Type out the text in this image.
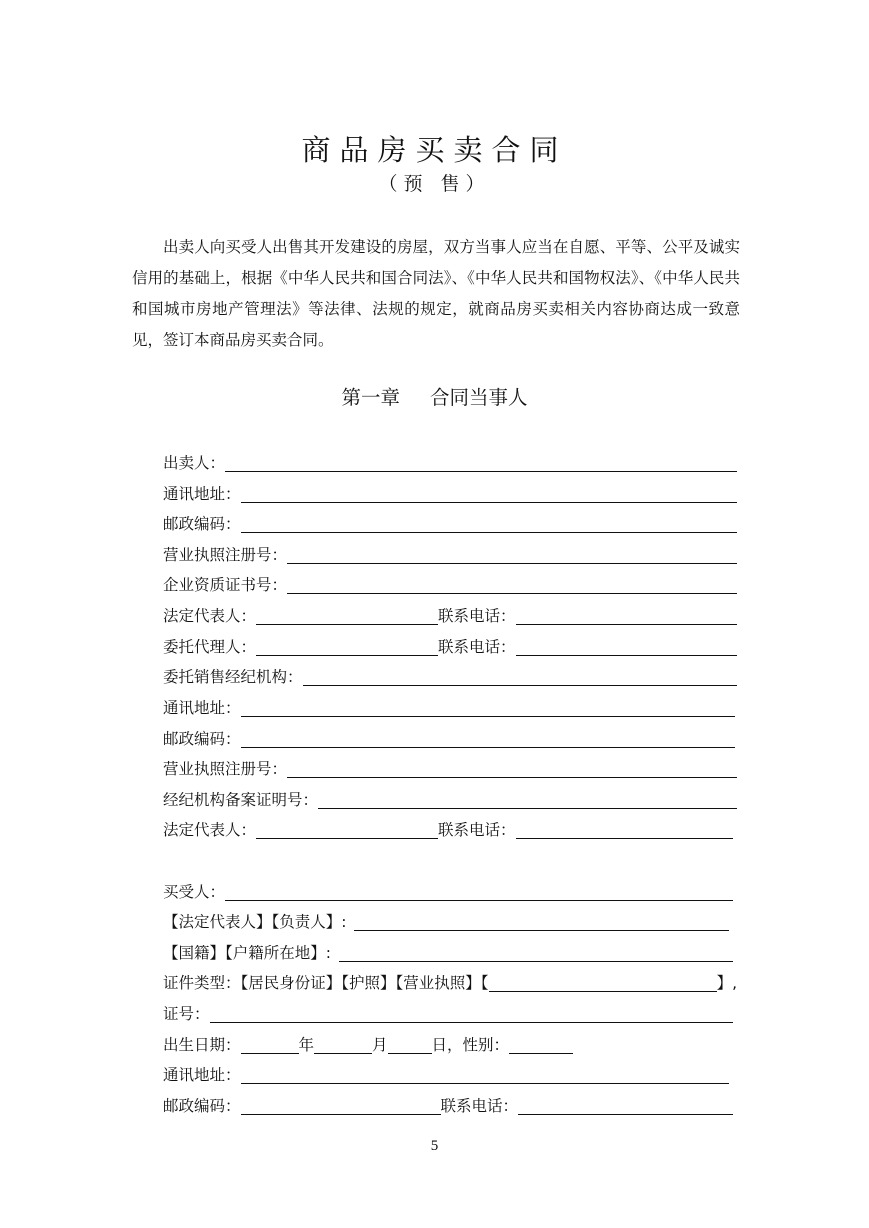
商品房买卖合同
（预 售）
出卖人向买受人出售其开发建设的房屋，双方当事人应当在自愿、平等、公平及诚实信用的基础上，根据《中华人民共和国合同法》、《中华人民共和国物权法》、《中华人民共和国城市房地产管理法》等法律、法规的规定，就商品房买卖相关内容协商达成一致意见，签订本商品房买卖合同。
第一章 合同当事人
出卖人：
通讯地址：
邮政编码：
营业执照注册号：
企业资质证书号：
法定代表人：	联系电话：
委托代理人：	联系电话：
委托销售经纪机构：
通讯地址：
邮政编码：
营业执照注册号：
经纪机构备案证明号：
法定代表人：	联系电话：
买受人：
【法定代表人】【负责人】:
【国籍】【户籍所在地】:
证件类型：【居民身份证】【护照】【营业执照】【	】,
证号：
出生日期：	年	月	日，性别：
通讯地址：
邮政编码：	联系电话：
5
